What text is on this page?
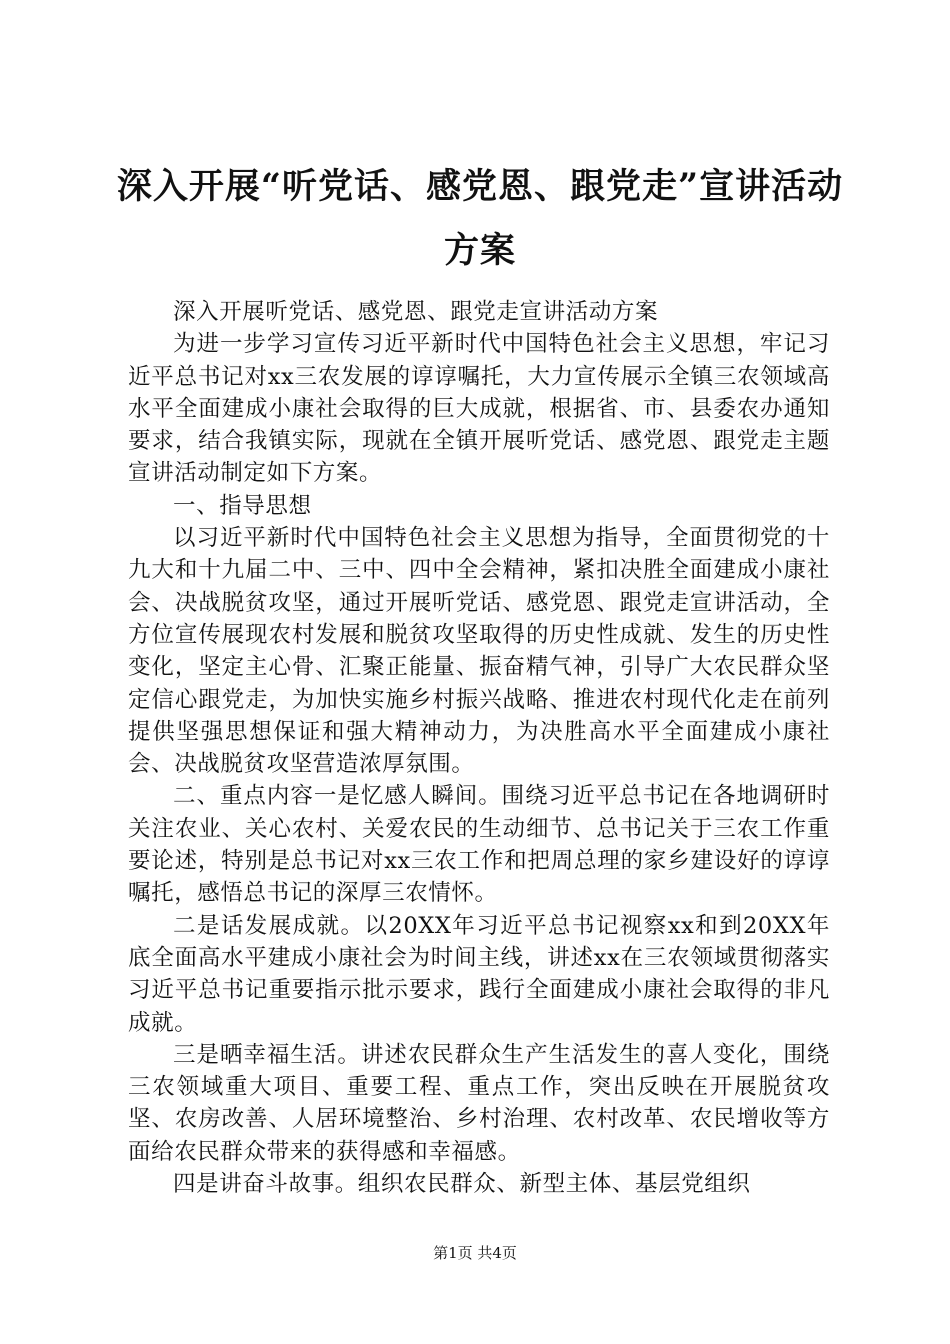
深入开展“听党话、感党恩、跟党走”宣讲活动方案

深入开展听党话、感党恩、跟党走宣讲活动方案

为进一步学习宣传习近平新时代中国特色社会主义思想，牢记习近平总书记对xx三农发展的谆谆嘱托，大力宣传展示全镇三农领域高水平全面建成小康社会取得的巨大成就，根据省、市、县委农办通知要求，结合我镇实际，现就在全镇开展听党话、感党恩、跟党走主题宣讲活动制定如下方案。

一、指导思想

以习近平新时代中国特色社会主义思想为指导，全面贯彻党的十九大和十九届二中、三中、四中全会精神，紧扣决胜全面建成小康社会、决战脱贫攻坚，通过开展听党话、感党恩、跟党走宣讲活动，全方位宣传展现农村发展和脱贫攻坚取得的历史性成就、发生的历史性变化，坚定主心骨、汇聚正能量、振奋精气神，引导广大农民群众坚定信心跟党走，为加快实施乡村振兴战略、推进农村现代化走在前列提供坚强思想保证和强大精神动力，为决胜高水平全面建成小康社会、决战脱贫攻坚营造浓厚氛围。

二、重点内容一是忆感人瞬间。围绕习近平总书记在各地调研时关注农业、关心农村、关爱农民的生动细节、总书记关于三农工作重要论述，特别是总书记对xx三农工作和把周总理的家乡建设好的谆谆嘱托，感悟总书记的深厚三农情怀。

二是话发展成就。以20XX年习近平总书记视察xx和到20XX年底全面高水平建成小康社会为时间主线，讲述xx在三农领域贯彻落实习近平总书记重要指示批示要求，践行全面建成小康社会取得的非凡成就。

三是晒幸福生活。讲述农民群众生产生活发生的喜人变化，围绕三农领域重大项目、重要工程、重点工作，突出反映在开展脱贫攻坚、农房改善、人居环境整治、乡村治理、农村改革、农民增收等方面给农民群众带来的获得感和幸福感。

四是讲奋斗故事。组织农民群众、新型主体、基层党组织

第1页 共4页
